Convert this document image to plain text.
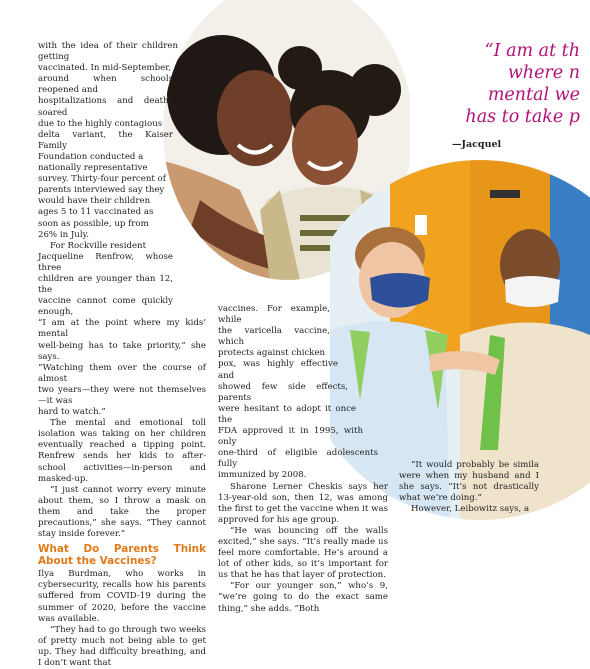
“I am at th
where n
mental we
has to take p
—Jacquel

with the idea of their children getting

vaccinated. In mid-September,

around when schools reopened and

hospitalizations and deaths soared

due to the highly contagious

delta variant, the Kaiser Family

Foundation conducted a

nationally representative

survey. Thirty-four percent of

parents interviewed say they

would have their children

ages 5 to 11 vaccinated as

soon as possible, up from

26% in July.

For Rockville resident

Jacqueline Renfrow, whose three

children are younger than 12, the

vaccine cannot come quickly enough,

“I am at the point where my kids’ mental

well-being has to take priority,” she says.

“Watching them over the course of almost

two years—they were not themselves—it was

hard to watch.”

The mental and emotional toll isolation was taking on her children eventually reached a tipping point. Renfrew sends her kids to after-school activities—in-person and masked-up.

“I just cannot worry every minute about them, so I throw a mask on them and take the proper precautions,” she says. “They cannot stay inside forever.”

What Do Parents Think About the Vaccines?

Ilya Burdman, who works in cybersecurity, recalls how his parents suffered from COVID-19 during the summer of 2020, before the vaccine was available.

“They had to go through two weeks of pretty much not being able to get up. They had difficulty breathing, and I don’t want that

vaccines. For example, while

the varicella vaccine, which

protects against chicken

pox, was highly effective and

showed few side effects, parents

were hesitant to adopt it once the

FDA approved it in 1995, with only

one-third of eligible adolescents fully

immunized by 2008.

Sharone Lerner Cheskis says her 13-year-old son, then 12, was among the first to get the vaccine when it was approved for his age group.

“He was bouncing off the walls excited,” she says. “It’s really made us feel more comfortable. He’s around a lot of other kids, so it’s important for us that he has that layer of protection.

“For our younger son,” who’s 9, “we’re going to do the exact same thing,” she adds. “Both

“It would probably be simila were when my husband and I she says. “It’s not drastically what we’re doing.”

However, Leibowitz says, a
